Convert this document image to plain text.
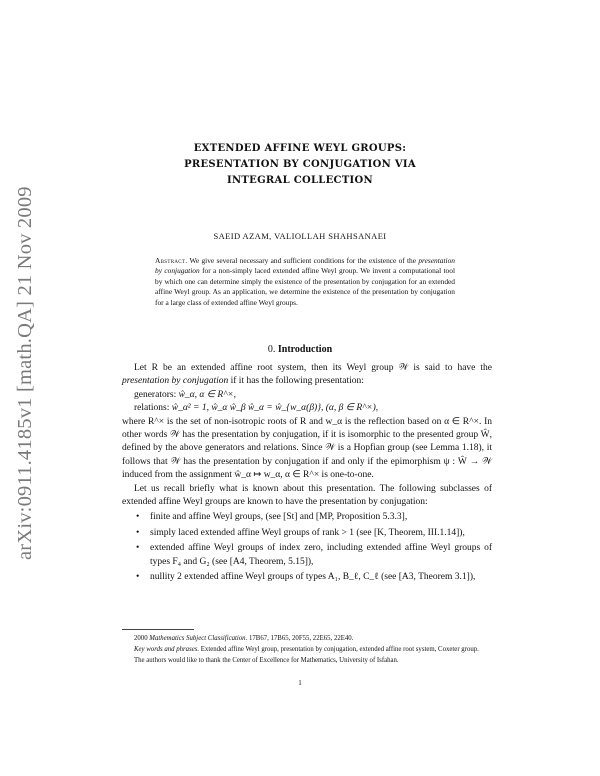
arXiv:0911.4185v1 [math.QA] 21 Nov 2009
EXTENDED AFFINE WEYL GROUPS:
PRESENTATION BY CONJUGATION VIA
INTEGRAL COLLECTION
SAEID AZAM, VALIOLLAH SHAHSANAEI
Abstract. We give several necessary and sufficient conditions for the existence of the presentation by conjugation for a non-simply laced extended affine Weyl group. We invent a computational tool by which one can determine simply the existence of the presentation by conjugation for an extended affine Weyl group. As an application, we determine the existence of the presentation by conjugation for a large class of extended affine Weyl groups.
0. Introduction

Let R be an extended affine root system, then its Weyl group 𝒲 is said to have the presentation by conjugation if it has the following presentation:

generators: ŵ_α, α ∈ R^×,

relations: ŵ_α² = 1, ŵ_α ŵ_β ŵ_α = ŵ_{w_α(β)}, (α, β ∈ R^×),

where R^× is the set of non-isotropic roots of R and w_α is the reflection based on α ∈ R^×. In other words 𝒲 has the presentation by conjugation, if it is isomorphic to the presented group Ŵ, defined by the above generators and relations. Since 𝒲 is a Hopfian group (see Lemma 1.18), it follows that 𝒲 has the presentation by conjugation if and only if the epimorphism ψ : Ŵ → 𝒲 induced from the assignment ŵ_α ↦ w_α, α ∈ R^× is one-to-one.

Let us recall briefly what is known about this presentation. The following subclasses of extended affine Weyl groups are known to have the presentation by conjugation:

• finite and affine Weyl groups, (see [St] and [MP, Proposition 5.3.3],
• simply laced extended affine Weyl groups of rank > 1 (see [K, Theorem, III.1.14]),
• extended affine Weyl groups of index zero, including extended affine Weyl groups of types F₄ and G₂ (see [A4, Theorem, 5.15]),
• nullity 2 extended affine Weyl groups of types A₁, B_ℓ, C_ℓ (see [A3, Theorem 3.1]),

2000 Mathematics Subject Classification. 17B67, 17B65, 20F55, 22E65, 22E40.

Key words and phrases. Extended affine Weyl group, presentation by conjugation, extended affine root system, Coxeter group.

The authors would like to thank the Center of Excellence for Mathematics, University of Isfahan.

1
